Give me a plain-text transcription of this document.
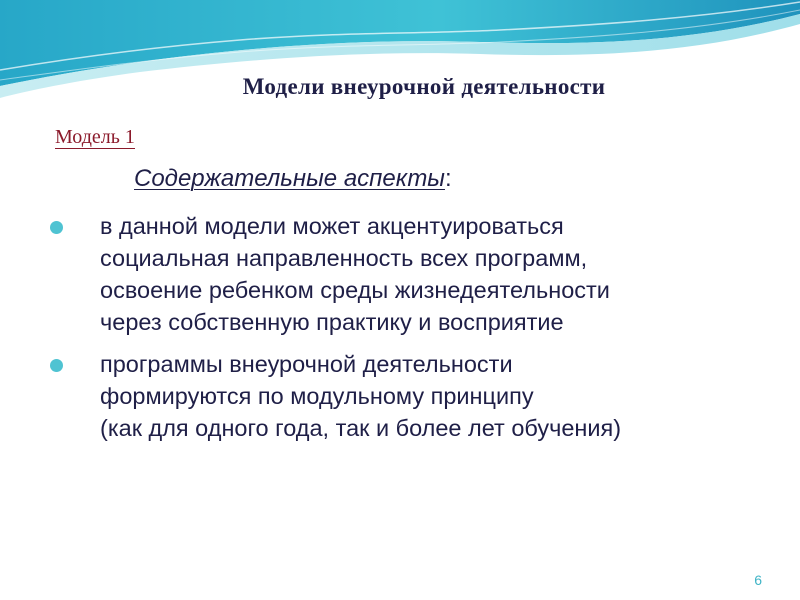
Модели внеурочной деятельности
Модель 1
Содержательные аспекты:
в данной модели может акцентуироваться
социальная направленность всех программ,
освоение ребенком среды жизнедеятельности
через собственную практику и восприятие
программы внеурочной деятельности
формируются по модульному принципу
(как для одного года, так и более лет обучения)
6
